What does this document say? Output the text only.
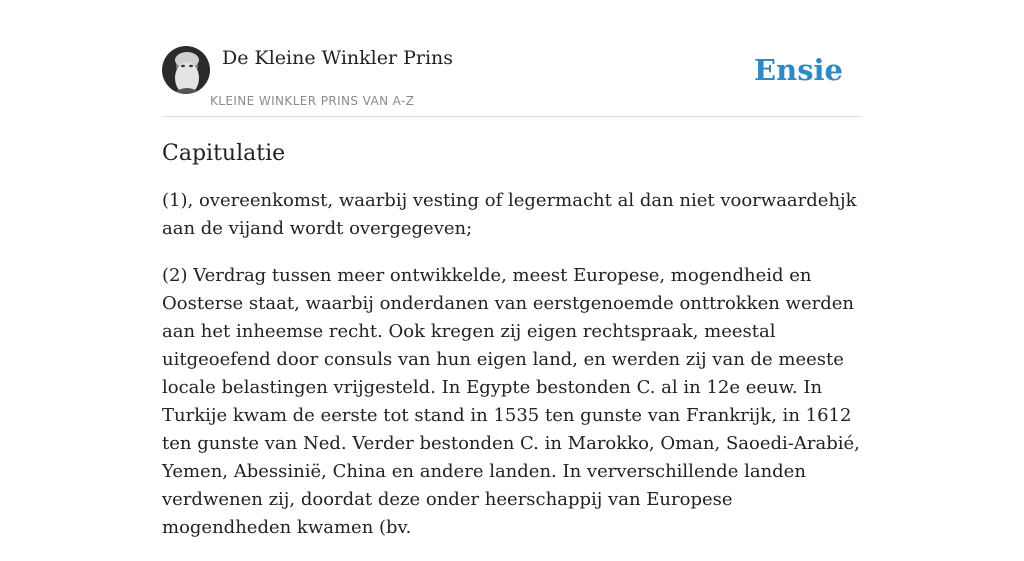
De Kleine Winkler Prins
KLEINE WINKLER PRINS VAN A-Z
Ensie
Capitulatie

(1), overeenkomst, waarbij vesting of legermacht al dan niet voorwaardehjk aan de vijand wordt overgegeven;

(2) Verdrag tussen meer ontwikkelde, meest Europese, mogendheid en Oosterse staat, waarbij onderdanen van eerstgenoemde onttrokken werden aan het inheemse recht. Ook kregen zij eigen rechtspraak, meestal uitgeoefend door consuls van hun eigen land, en werden zij van de meeste locale belastingen vrijgesteld. In Egypte bestonden C. al in 12e eeuw. In Turkije kwam de eerste tot stand in 1535 ten gunste van Frankrijk, in 1612 ten gunste van Ned. Verder bestonden C. in Marokko, Oman, Saoedi-Arabié, Yemen, Abessinië, China en andere landen. In ververschillende landen verdwenen zij, doordat deze onder heerschappij van Europese mogendheden kwamen (bv.
